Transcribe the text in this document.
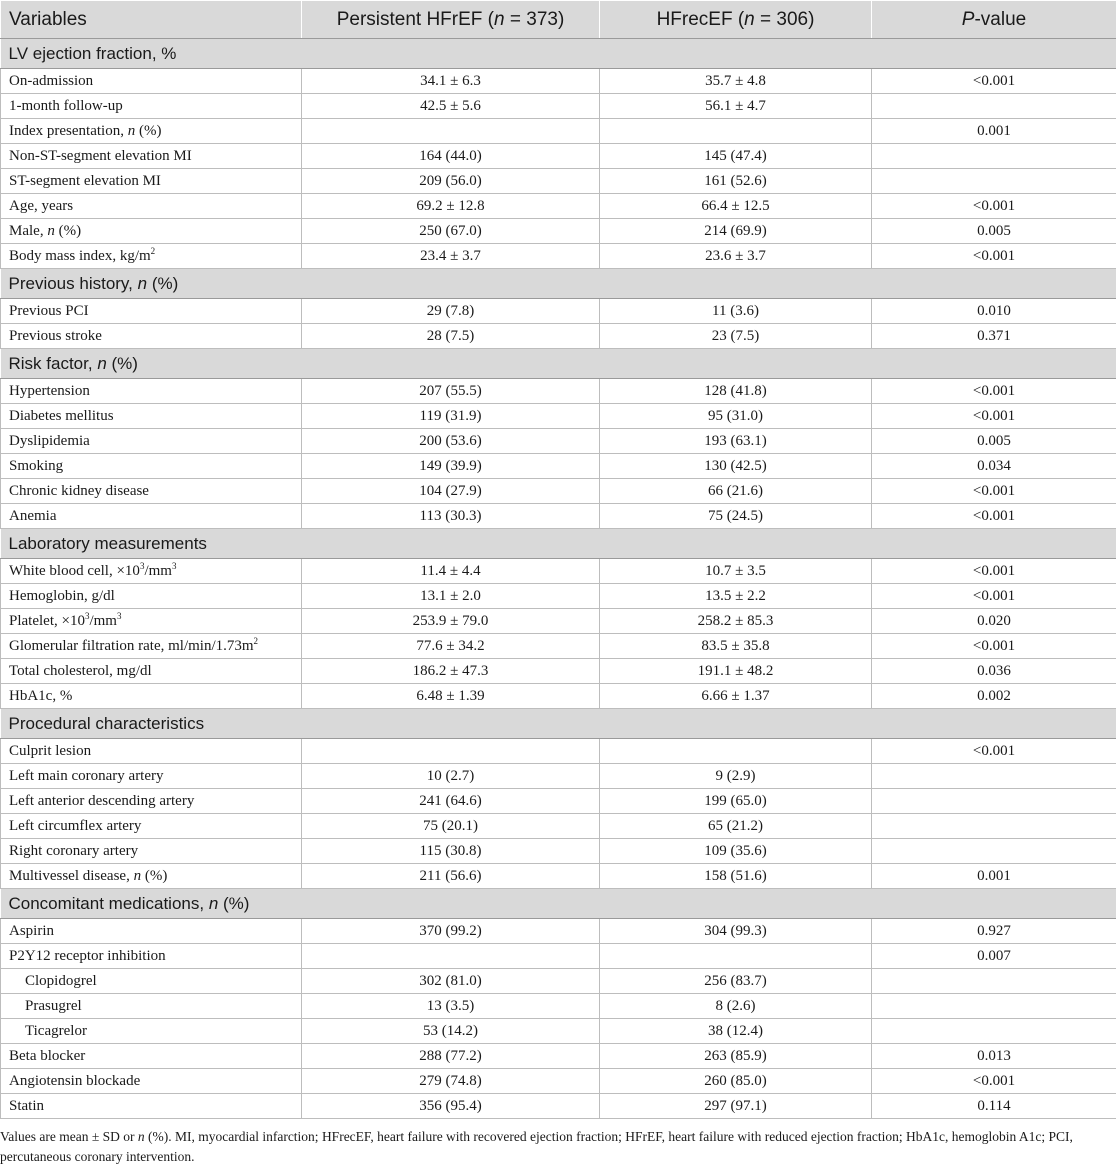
Variables	Persistent HFrEF (n = 373)	HFrecEF (n = 306)	P-value
LV ejection fraction, %			
On-admission	34.1 ± 6.3	35.7 ± 4.8	<0.001
1-month follow-up	42.5 ± 5.6	56.1 ± 4.7	
Index presentation, n (%)			0.001
Non-ST-segment elevation MI	164 (44.0)	145 (47.4)	
ST-segment elevation MI	209 (56.0)	161 (52.6)	
Age, years	69.2 ± 12.8	66.4 ± 12.5	<0.001
Male, n (%)	250 (67.0)	214 (69.9)	0.005
Body mass index, $kg/m^2$	23.4 ± 3.7	23.6 ± 3.7	<0.001
Previous history, n (%)			
Previous PCI	29 (7.8)	11 (3.6)	0.010
Previous stroke	28 (7.5)	23 (7.5)	0.371
Risk factor, n (%)			
Hypertension	207 (55.5)	128 (41.8)	<0.001
Diabetes mellitus	119 (31.9)	95 (31.0)	<0.001
Dyslipidemia	200 (53.6)	193 (63.1)	0.005
Smoking	149 (39.9)	130 (42.5)	0.034
Chronic kidney disease	104 (27.9)	66 (21.6)	<0.001
Anemia	113 (30.3)	75 (24.5)	<0.001
Laboratory measurements			
White blood cell, $\times 10^3/mm^3$	11.4 ± 4.4	10.7 ± 3.5	<0.001
Hemoglobin, g/dl	13.1 ± 2.0	13.5 ± 2.2	<0.001
Platelet, $\times 10^3/mm^3$	253.9 ± 79.0	258.2 ± 85.3	0.020
Glomerular filtration rate, $ml/\min/1.73m^2$	77.6 ± 34.2	83.5 ± 35.8	<0.001
Total cholesterol, mg/dl	186.2 ± 47.3	191.1 ± 48.2	0.036
HbA1c, %	6.48 ± 1.39	6.66 ± 1.37	0.002
Procedural characteristics			
Culprit lesion			<0.001
Left main coronary artery	10 (2.7)	9 (2.9)	
Left anterior descending artery	241 (64.6)	199 (65.0)	
Left circumflex artery	75 (20.1)	65 (21.2)	
Right coronary artery	115 (30.8)	109 (35.6)	
Multivessel disease, n (%)	211 (56.6)	158 (51.6)	0.001
Concomitant medications, n (%)			
Aspirin	370 (99.2)	304 (99.3)	0.927
P2Y12 receptor inhibition			0.007
Clopidogrel	302 (81.0)	256 (83.7)	
Prasugrel	13 (3.5)	8 (2.6)	
Ticagrelor	53 (14.2)	38 (12.4)	
Beta blocker	288 (77.2)	263 (85.9)	0.013
Angiotensin blockade	279 (74.8)	260 (85.0)	<0.001
Statin	356 (95.4)	297 (97.1)	0.114

Values are mean ± SD or n (%). MI, myocardial infarction; HFrecEF, heart failure with recovered ejection fraction; HFrEF, heart failure with reduced ejection fraction; HbA1c, hemoglobin A1c; PCI, percutaneous coronary intervention.
